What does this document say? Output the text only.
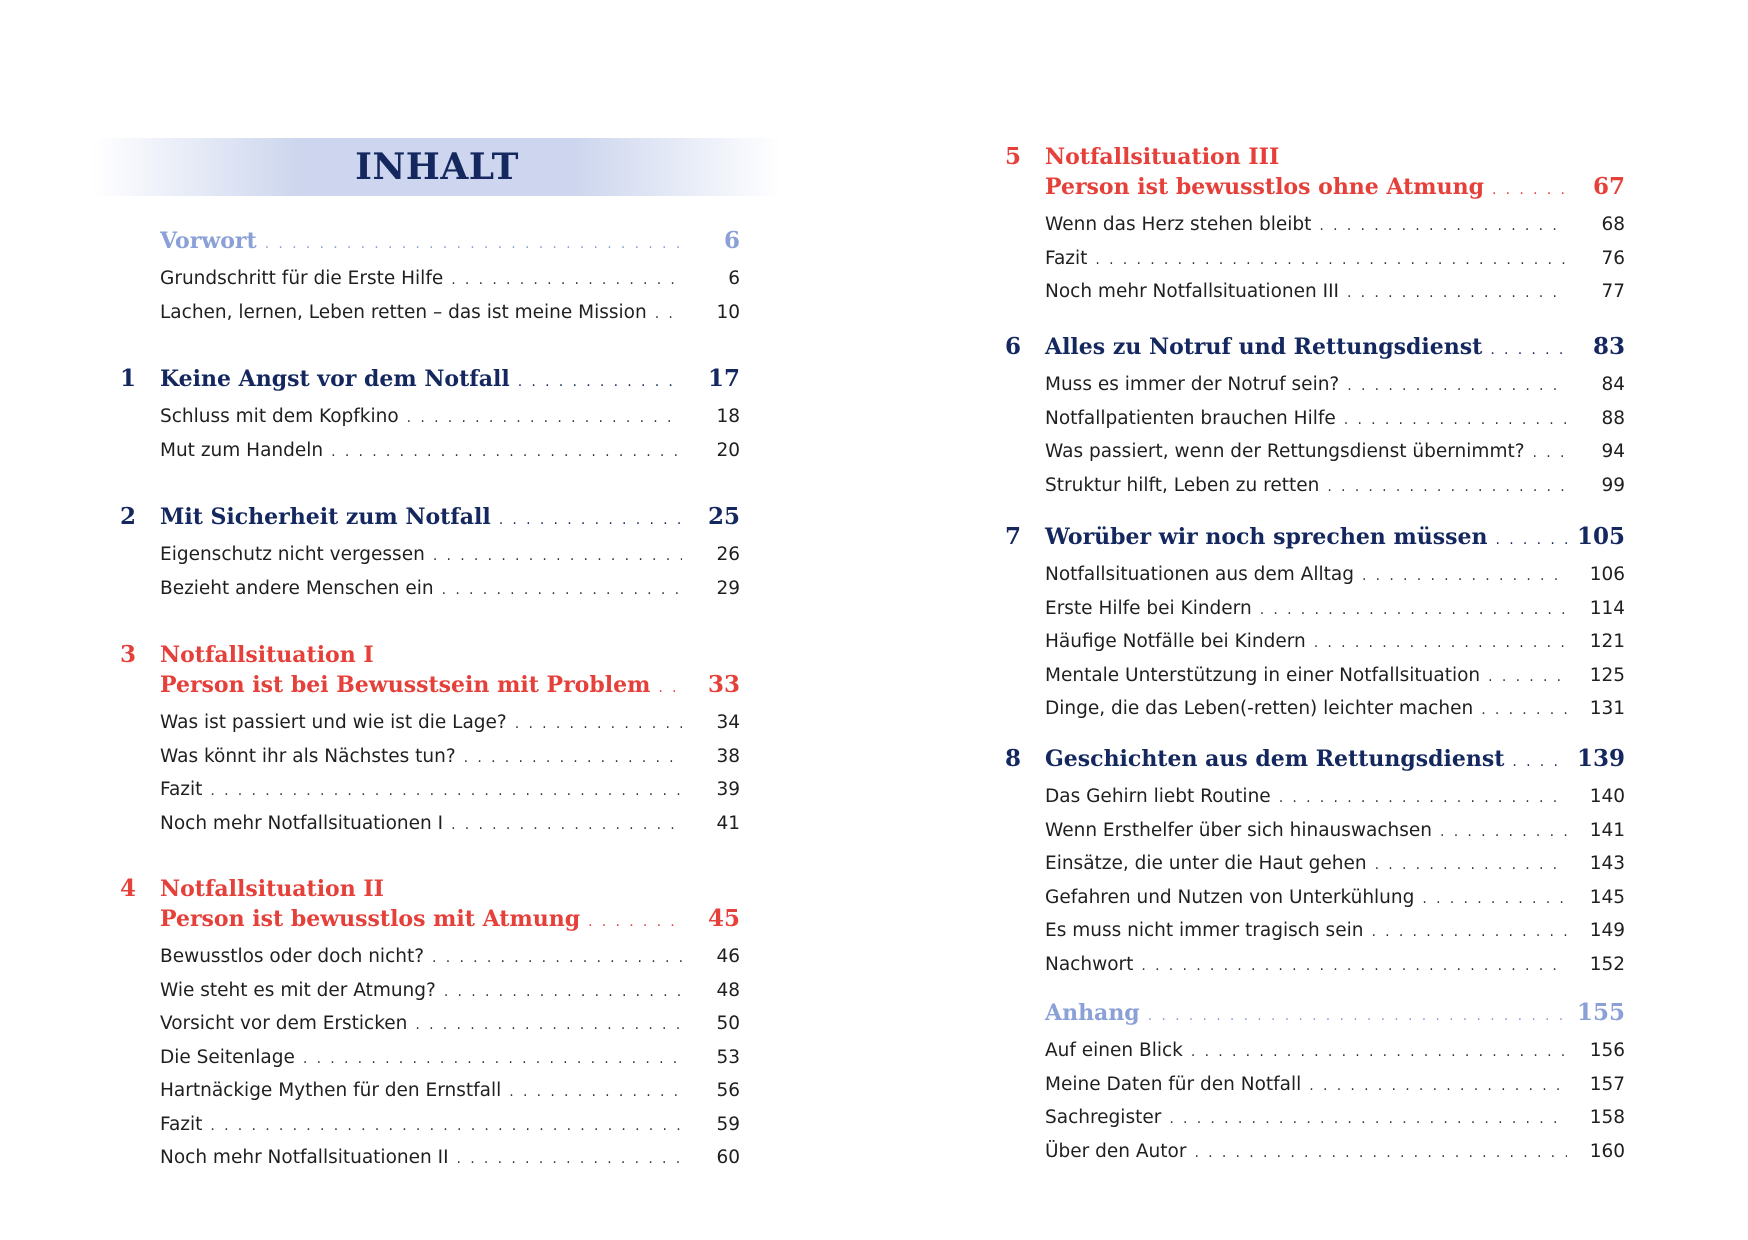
INHALT
Vorwort . . .	6
Grundschritt für die Erste Hilfe . . .	6
Lachen, lernen, Leben retten – das ist meine Mission . . .	10
1	Keine Angst vor dem Notfall . . .	17
Schluss mit dem Kopfkino . . .	18
Mut zum Handeln . . .	20
2	Mit Sicherheit zum Notfall . . .	25
Eigenschutz nicht vergessen . . .	26
Bezieht andere Menschen ein . . .	29
3	Notfallsituation I
Person ist bei Bewusstsein mit Problem . . .	33
Was ist passiert und wie ist die Lage? . . .	34
Was könnt ihr als Nächstes tun? . . .	38
Fazit . . .	39
Noch mehr Notfallsituationen I . . .	41
4	Notfallsituation II
Person ist bewusstlos mit Atmung . . .	45
Bewusstlos oder doch nicht? . . .	46
Wie steht es mit der Atmung? . . .	48
Vorsicht vor dem Ersticken . . .	50
Die Seitenlage . . .	53
Hartnäckige Mythen für den Ernstfall . . .	56
Fazit . . .	59
Noch mehr Notfallsituationen II . . .	60
5	Notfallsituation III
Person ist bewusstlos ohne Atmung . . .	67
Wenn das Herz stehen bleibt . . .	68
Fazit . . .	76
Noch mehr Notfallsituationen III . . .	77
6	Alles zu Notruf und Rettungsdienst . . .	83
Muss es immer der Notruf sein? . . .	84
Notfallpatienten brauchen Hilfe . . .	88
Was passiert, wenn der Rettungsdienst übernimmt? . . .	94
Struktur hilft, Leben zu retten . . .	99
7	Worüber wir noch sprechen müssen . . .	105
Notfallsituationen aus dem Alltag . . .	106
Erste Hilfe bei Kindern . . .	114
Häufige Notfälle bei Kindern . . .	121
Mentale Unterstützung in einer Notfallsituation . . .	125
Dinge, die das Leben(-retten) leichter machen . . .	131
8	Geschichten aus dem Rettungsdienst . . .	139
Das Gehirn liebt Routine . . .	140
Wenn Ersthelfer über sich hinauswachsen . . .	141
Einsätze, die unter die Haut gehen . . .	143
Gefahren und Nutzen von Unterkühlung . . .	145
Es muss nicht immer tragisch sein . . .	149
Nachwort . . .	152
Anhang . . .	155
Auf einen Blick . . .	156
Meine Daten für den Notfall . . .	157
Sachregister . . .	158
Über den Autor . . .	160
